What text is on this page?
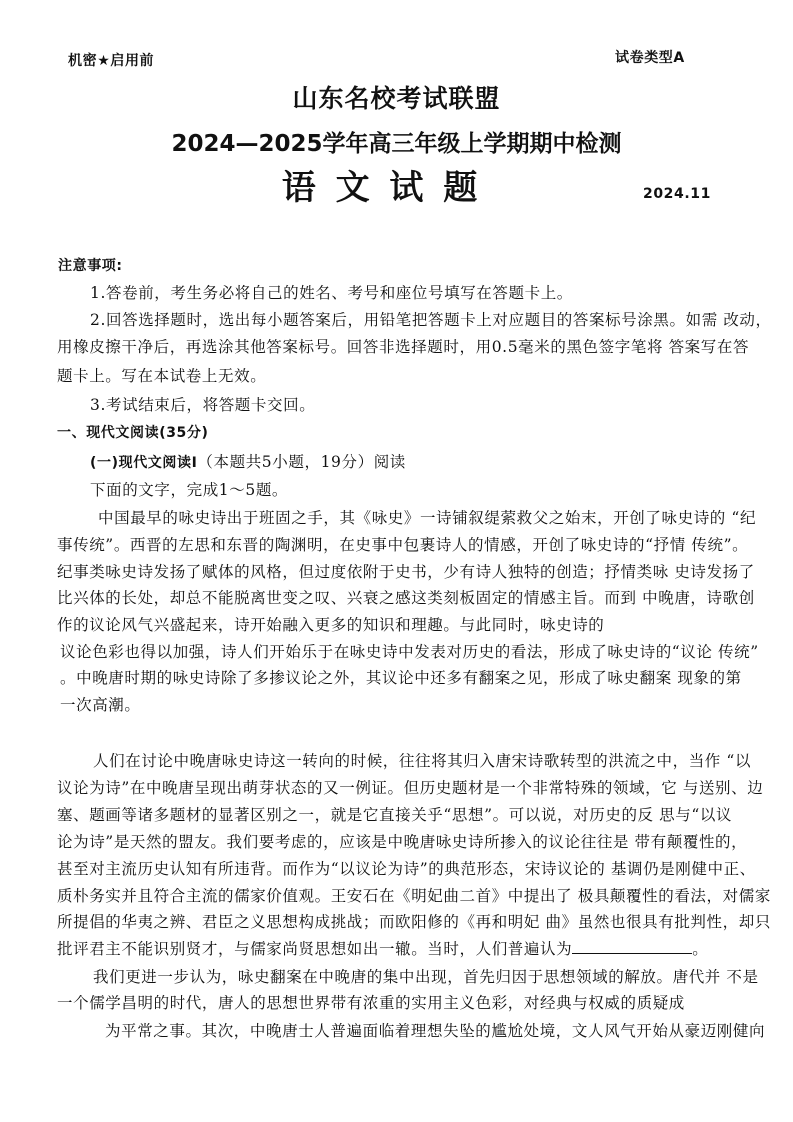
机密★启用前	试卷类型A
山东名校考试联盟
2024—2025学年高三年级上学期期中检测
语 文 试 题	2024.11
注意事项:
1.答卷前，考生务必将自己的姓名、考号和座位号填写在答题卡上。
2.回答选择题时，选出每小题答案后，用铅笔把答题卡上对应题目的答案标号涂黑。如需 改动，
用橡皮擦干净后，再选涂其他答案标号。回答非选择题时，用0.5毫米的黑色签字笔将 答案写在答
题卡上。写在本试卷上无效。
3.考试结束后，将答题卡交回。
一、现代文阅读(35分)
(一)现代文阅读I（本题共5小题，19分）阅读
下面的文字，完成1～5题。
中国最早的咏史诗出于班固之手，其《咏史》一诗铺叙缇萦救父之始末，开创了咏史诗的 “纪
事传统”。西晋的左思和东晋的陶渊明，在史事中包裹诗人的情感，开创了咏史诗的“抒情 传统”。
纪事类咏史诗发扬了赋体的风格，但过度依附于史书，少有诗人独特的创造；抒情类咏 史诗发扬了
比兴体的长处，却总不能脱离世变之叹、兴衰之感这类刻板固定的情感主旨。而到 中晚唐，诗歌创
作的议论风气兴盛起来，诗开始融入更多的知识和理趣。与此同时，咏史诗的
议论色彩也得以加强，诗人们开始乐于在咏史诗中发表对历史的看法，形成了咏史诗的“议论 传统”
。中晚唐时期的咏史诗除了多掺议论之外，其议论中还多有翻案之见，形成了咏史翻案 现象的第
一次高潮。
人们在讨论中晚唐咏史诗这一转向的时候，往往将其归入唐宋诗歌转型的洪流之中，当作 “以
议论为诗”在中晚唐呈现出萌芽状态的又一例证。但历史题材是一个非常特殊的领域，它 与送别、边
塞、题画等诸多题材的显著区别之一，就是它直接关乎“思想”。可以说，对历史的反 思与“以议
论为诗”是天然的盟友。我们要考虑的，应该是中晚唐咏史诗所掺入的议论往往是 带有颠覆性的，
甚至对主流历史认知有所违背。而作为“以议论为诗”的典范形态，宋诗议论的 基调仍是刚健中正、
质朴务实并且符合主流的儒家价值观。王安石在《明妃曲二首》中提出了 极具颠覆性的看法，对儒家
所提倡的华夷之辨、君臣之义思想构成挑战；而欧阳修的《再和明妃 曲》虽然也很具有批判性，却只
批评君主不能识别贤才，与儒家尚贤思想如出一辙。当时，人们普遍认为	。
我们更进一步认为，咏史翻案在中晚唐的集中出现，首先归因于思想领域的解放。唐代并 不是
一个儒学昌明的时代，唐人的思想世界带有浓重的实用主义色彩，对经典与权威的质疑成
为平常之事。其次，中晚唐士人普遍面临着理想失坠的尴尬处境，文人风气开始从豪迈刚健向
